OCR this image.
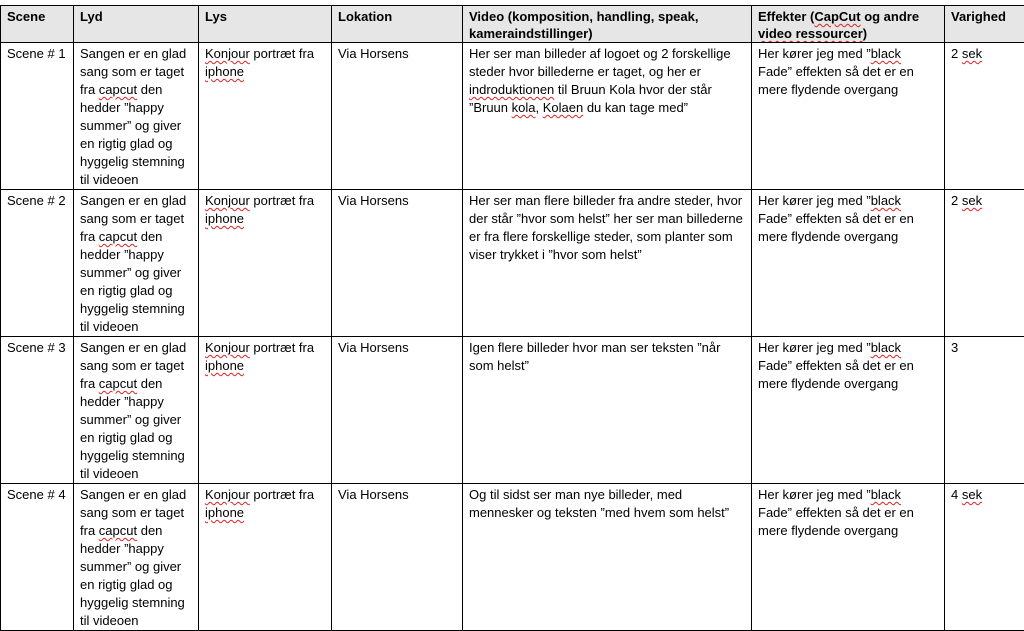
Scene	Lyd	Lys	Lokation	Video (komposition, handling, speak, kameraindstillinger)	Effekter (CapCut og andre video ressourcer)	Varighed
Scene # 1	Sangen er en glad sang som er taget fra capcut den hedder ”happy summer” og giver en rigtig glad og hyggelig stemning til videoen	Konjour portræt fra iphone	Via Horsens	Her ser man billeder af logoet og 2 forskellige steder hvor billederne er taget, og her er indroduktionen til Bruun Kola hvor der står ”Bruun kola, Kolaen du kan tage med”	Her kører jeg med ”black Fade” effekten så det er en mere flydende overgang	2 sek
Scene # 2	Sangen er en glad sang som er taget fra capcut den hedder ”happy summer” og giver en rigtig glad og hyggelig stemning til videoen	Konjour portræt fra iphone	Via Horsens	Her ser man flere billeder fra andre steder, hvor der står ”hvor som helst” her ser man billederne er fra flere forskellige steder, som planter som viser trykket i ”hvor som helst”	Her kører jeg med ”black Fade” effekten så det er en mere flydende overgang	2 sek
Scene # 3	Sangen er en glad sang som er taget fra capcut den hedder ”happy summer” og giver en rigtig glad og hyggelig stemning til videoen	Konjour portræt fra iphone	Via Horsens	Igen flere billeder hvor man ser teksten ”når som helst”	Her kører jeg med ”black Fade” effekten så det er en mere flydende overgang	3
Scene # 4	Sangen er en glad sang som er taget fra capcut den hedder ”happy summer” og giver en rigtig glad og hyggelig stemning til videoen	Konjour portræt fra iphone	Via Horsens	Og til sidst ser man nye billeder, med mennesker og teksten ”med hvem som helst”	Her kører jeg med ”black Fade” effekten så det er en mere flydende overgang	4 sek
